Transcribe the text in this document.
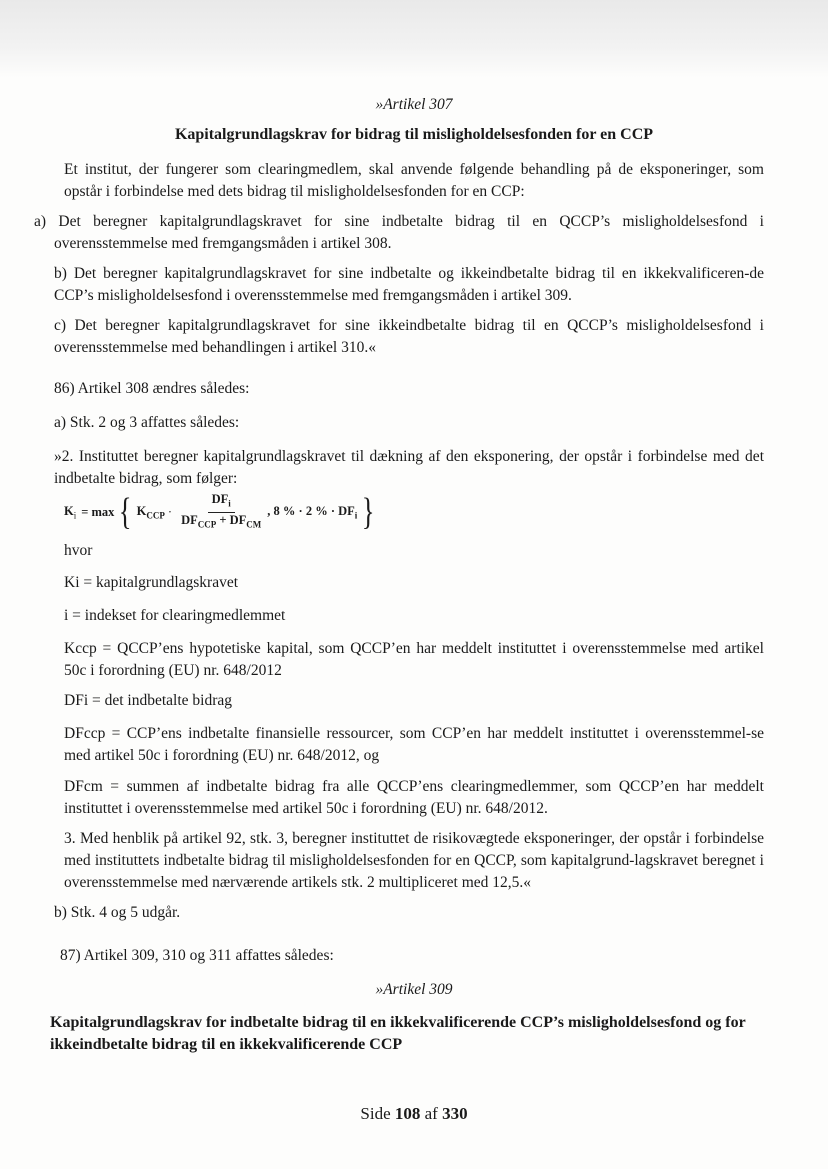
»Artikel 307

Kapitalgrundlagskrav for bidrag til misligholdelsesfonden for en CCP

Et institut, der fungerer som clearingmedlem, skal anvende følgende behandling på de eksponeringer, som opstår i forbindelse med dets bidrag til misligholdelsesfonden for en CCP:

a) Det beregner kapitalgrundlagskravet for sine indbetalte bidrag til en QCCP’s misligholdelsesfond i overensstemmelse med fremgangsmåden i artikel 308.

b) Det beregner kapitalgrundlagskravet for sine indbetalte og ikkeindbetalte bidrag til en ikkekvalificeren-de CCP’s misligholdelsesfond i overensstemmelse med fremgangsmåden i artikel 309.

c) Det beregner kapitalgrundlagskravet for sine ikkeindbetalte bidrag til en QCCP’s misligholdelsesfond i overensstemmelse med behandlingen i artikel 310.«

86) Artikel 308 ændres således:

a) Stk. 2 og 3 affattes således:

»2. Instituttet beregner kapitalgrundlagskravet til dækning af den eksponering, der opstår i forbindelse med det indbetalte bidrag, som følger:

$K_i = \max$ { $K_{CCP} \cdot \frac{DF_i}{DF_{CCP} + DF_{CM}}$ , 8 % · 2 % · $DF_i$ }

hvor

Ki = kapitalgrundlagskravet

i = indekset for clearingmedlemmet

Kccp = QCCP’ens hypotetiske kapital, som QCCP’en har meddelt instituttet i overensstemmelse med artikel 50c i forordning (EU) nr. 648/2012

DFi = det indbetalte bidrag

DFccp = CCP’ens indbetalte finansielle ressourcer, som CCP’en har meddelt instituttet i overensstemmel-se med artikel 50c i forordning (EU) nr. 648/2012, og

DFcm = summen af indbetalte bidrag fra alle QCCP’ens clearingmedlemmer, som QCCP’en har meddelt instituttet i overensstemmelse med artikel 50c i forordning (EU) nr. 648/2012.

3. Med henblik på artikel 92, stk. 3, beregner instituttet de risikovægtede eksponeringer, der opstår i forbindelse med instituttets indbetalte bidrag til misligholdelsesfonden for en QCCP, som kapitalgrund-lagskravet beregnet i overensstemmelse med nærværende artikels stk. 2 multipliceret med 12,5.«

b) Stk. 4 og 5 udgår.

87) Artikel 309, 310 og 311 affattes således:

»Artikel 309

Kapitalgrundlagskrav for indbetalte bidrag til en ikkekvalificerende CCP’s misligholdelsesfond og for ikkeindbetalte bidrag til en ikkekvalificerende CCP

Side 108 af 330
